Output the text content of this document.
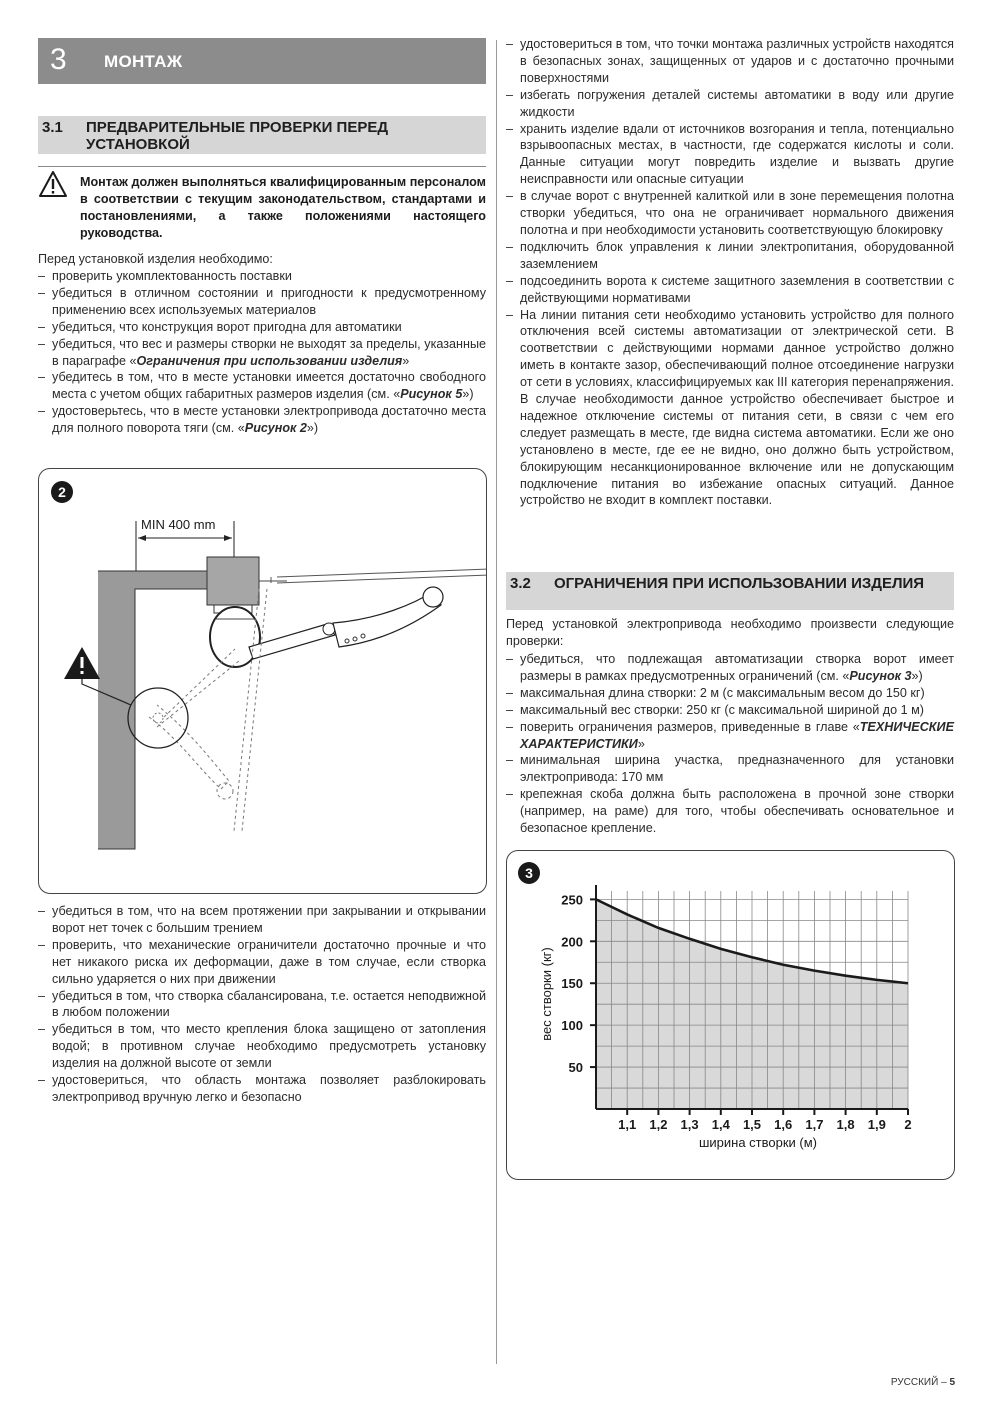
3 МОНТАЖ
3.1 ПРЕДВАРИТЕЛЬНЫЕ ПРОВЕРКИ ПЕРЕД УСТАНОВКОЙ
Монтаж должен выполняться квалифицированным персоналом в соответствии с текущим законодательством, стандартами и постановлениями, а также положениями настоящего руководства.
Перед установкой изделия необходимо:
– проверить укомплектованность поставки
– убедиться в отличном состоянии и пригодности к предусмотренному применению всех используемых материалов
– убедиться, что конструкция ворот пригодна для автоматики
– убедиться, что вес и размеры створки не выходят за пределы, указанные в параграфе «Ограничения при использовании изделия»
– убедитесь в том, что в месте установки имеется достаточно свободного места с учетом общих габаритных размеров изделия (см. «Рисунок 5»)
– удостоверьтесь, что в месте установки электропривода достаточно места для полного поворота тяги (см. «Рисунок 2»)
2
MIN 400 mm
– убедиться в том, что на всем протяжении при закрывании и открывании ворот нет точек с большим трением
– проверить, что механические ограничители достаточно прочные и что нет никакого риска их деформации, даже в том случае, если створка сильно ударяется о них при движении
– убедиться в том, что створка сбалансирована, т.е. остается неподвижной в любом положении
– убедиться в том, что место крепления блока защищено от затопления водой; в противном случае необходимо предусмотреть установку изделия на должной высоте от земли
– удостовериться, что область монтажа позволяет разблокировать электропривод вручную легко и безопасно
– удостовериться в том, что точки монтажа различных устройств находятся в безопасных зонах, защищенных от ударов и с достаточно прочными поверхностями
– избегать погружения деталей системы автоматики в воду или другие жидкости
– хранить изделие вдали от источников возгорания и тепла, потенциально взрывоопасных местах, в частности, где содержатся кислоты и соли. Данные ситуации могут повредить изделие и вызвать другие неисправности или опасные ситуации
– в случае ворот с внутренней калиткой или в зоне перемещения полотна створки убедиться, что она не ограничивает нормального движения полотна и при необходимости установить соответствующую блокировку
– подключить блок управления к линии электропитания, оборудованной заземлением
– подсоединить ворота к системе защитного заземления в соответствии с действующими нормативами
– На линии питания сети необходимо установить устройство для полного отключения всей системы автоматизации от электрической сети. В соответствии с действующими нормами данное устройство должно иметь в контакте зазор, обеспечивающий полное отсоединение нагрузки от сети в условиях, классифицируемых как III категория перенапряжения. В случае необходимости данное устройство обеспечивает быстрое и надежное отключение системы от питания сети, в связи с чем его следует размещать в месте, где видна система автоматики. Если же оно установлено в месте, где ее не видно, оно должно быть устройством, блокирующим несанкционированное включение или не допускающим подключение питания во избежание опасных ситуаций. Данное устройство не входит в комплект поставки.
3.2 ОГРАНИЧЕНИЯ ПРИ ИСПОЛЬЗОВАНИИ ИЗДЕЛИЯ
Перед установкой электропривода необходимо произвести следующие проверки:
– убедиться, что подлежащая автоматизации створка ворот имеет размеры в рамках предусмотренных ограничений (см. «Рисунок 3»)
– максимальная длина створки: 2 м (с максимальным весом до 150 кг)
– максимальный вес створки: 250 кг (с максимальной шириной до 1 м)
– поверить ограничения размеров, приведенные в главе «ТЕХНИЧЕСКИЕ ХАРАКТЕРИСТИКИ»
– минимальная ширина участка, предназначенного для установки электропривода: 170 мм
– крепежная скоба должна быть расположена в прочной зоне створки (например, на раме) для того, чтобы обеспечивать основательное и безопасное крепление.
3
250
200
150
100
50
1,1 1,2 1,3 1,4 1,5 1,6 1,7 1,8 1,9 2
ширина створки (м)
вес створки (кг)
РУССКИЙ – 5
